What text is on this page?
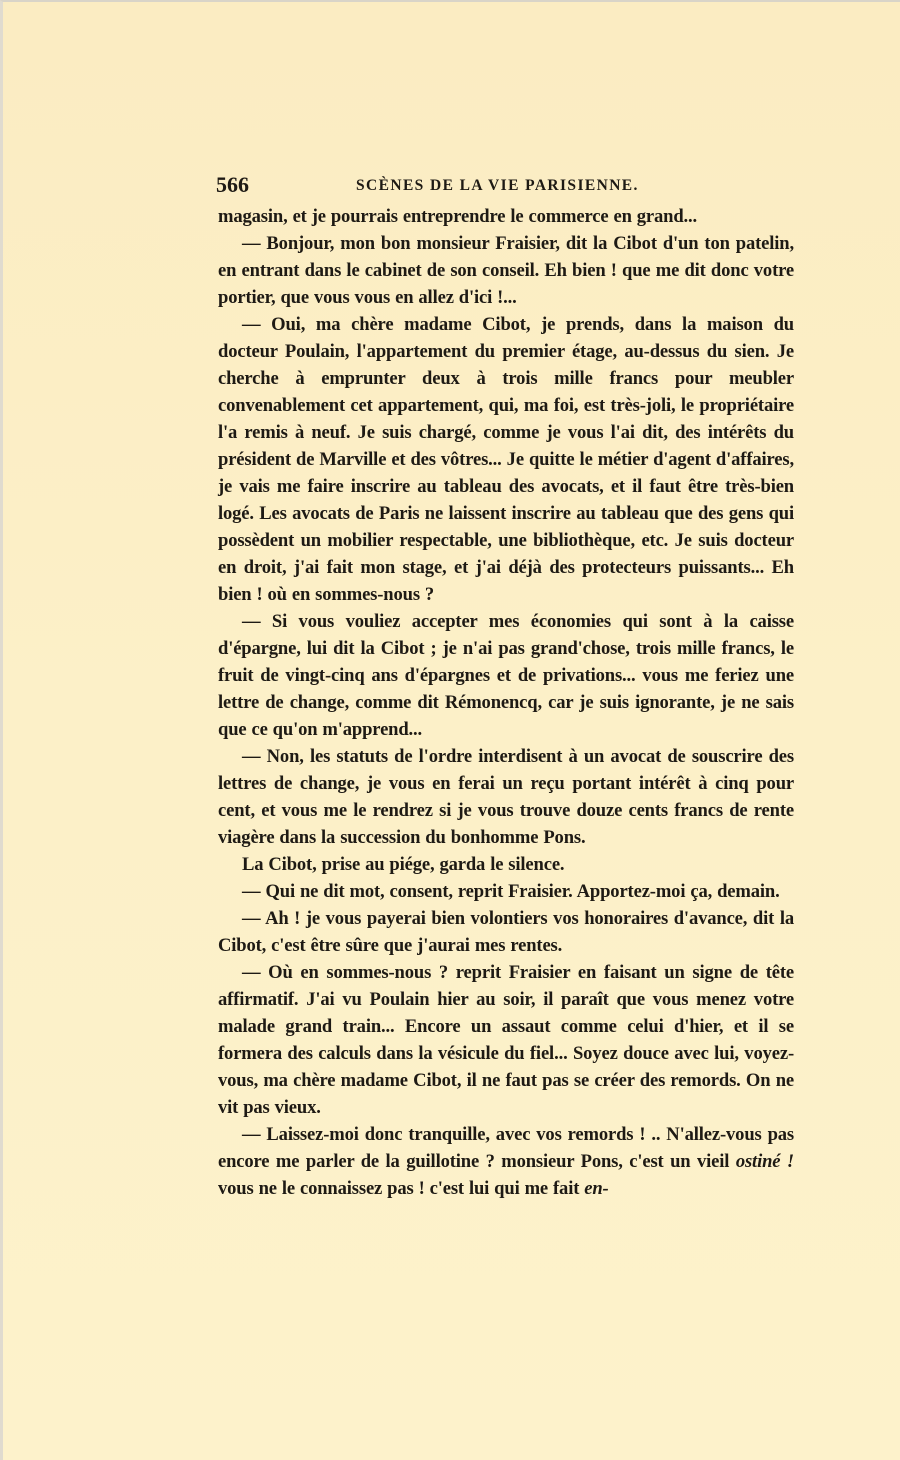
566	SCÈNES DE LA VIE PARISIENNE.

magasin, et je pourrais entreprendre le commerce en grand...

— Bonjour, mon bon monsieur Fraisier, dit la Cibot d'un ton patelin, en entrant dans le cabinet de son conseil. Eh bien ! que me dit donc votre portier, que vous vous en allez d'ici !...

— Oui, ma chère madame Cibot, je prends, dans la maison du docteur Poulain, l'appartement du premier étage, au-dessus du sien. Je cherche à emprunter deux à trois mille francs pour meubler convenablement cet appartement, qui, ma foi, est très-joli, le propriétaire l'a remis à neuf. Je suis chargé, comme je vous l'ai dit, des intérêts du président de Marville et des vôtres... Je quitte le métier d'agent d'affaires, je vais me faire inscrire au tableau des avocats, et il faut être très-bien logé. Les avocats de Paris ne laissent inscrire au tableau que des gens qui possèdent un mobilier respectable, une bibliothèque, etc. Je suis docteur en droit, j'ai fait mon stage, et j'ai déjà des protecteurs puissants... Eh bien ! où en sommes-nous ?

— Si vous vouliez accepter mes économies qui sont à la caisse d'épargne, lui dit la Cibot ; je n'ai pas grand'chose, trois mille francs, le fruit de vingt-cinq ans d'épargnes et de privations... vous me feriez une lettre de change, comme dit Rémonencq, car je suis ignorante, je ne sais que ce qu'on m'apprend...

— Non, les statuts de l'ordre interdisent à un avocat de souscrire des lettres de change, je vous en ferai un reçu portant intérêt à cinq pour cent, et vous me le rendrez si je vous trouve douze cents francs de rente viagère dans la succession du bonhomme Pons.

La Cibot, prise au piége, garda le silence.

— Qui ne dit mot, consent, reprit Fraisier. Apportez-moi ça, demain.

— Ah ! je vous payerai bien volontiers vos honoraires d'avance, dit la Cibot, c'est être sûre que j'aurai mes rentes.

— Où en sommes-nous ? reprit Fraisier en faisant un signe de tête affirmatif. J'ai vu Poulain hier au soir, il paraît que vous menez votre malade grand train... Encore un assaut comme celui d'hier, et il se formera des calculs dans la vésicule du fiel... Soyez douce avec lui, voyez-vous, ma chère madame Cibot, il ne faut pas se créer des remords. On ne vit pas vieux.

— Laissez-moi donc tranquille, avec vos remords ! .. N'allez-vous pas encore me parler de la guillotine ? monsieur Pons, c'est un vieil ostiné ! vous ne le connaissez pas ! c'est lui qui me fait en-
